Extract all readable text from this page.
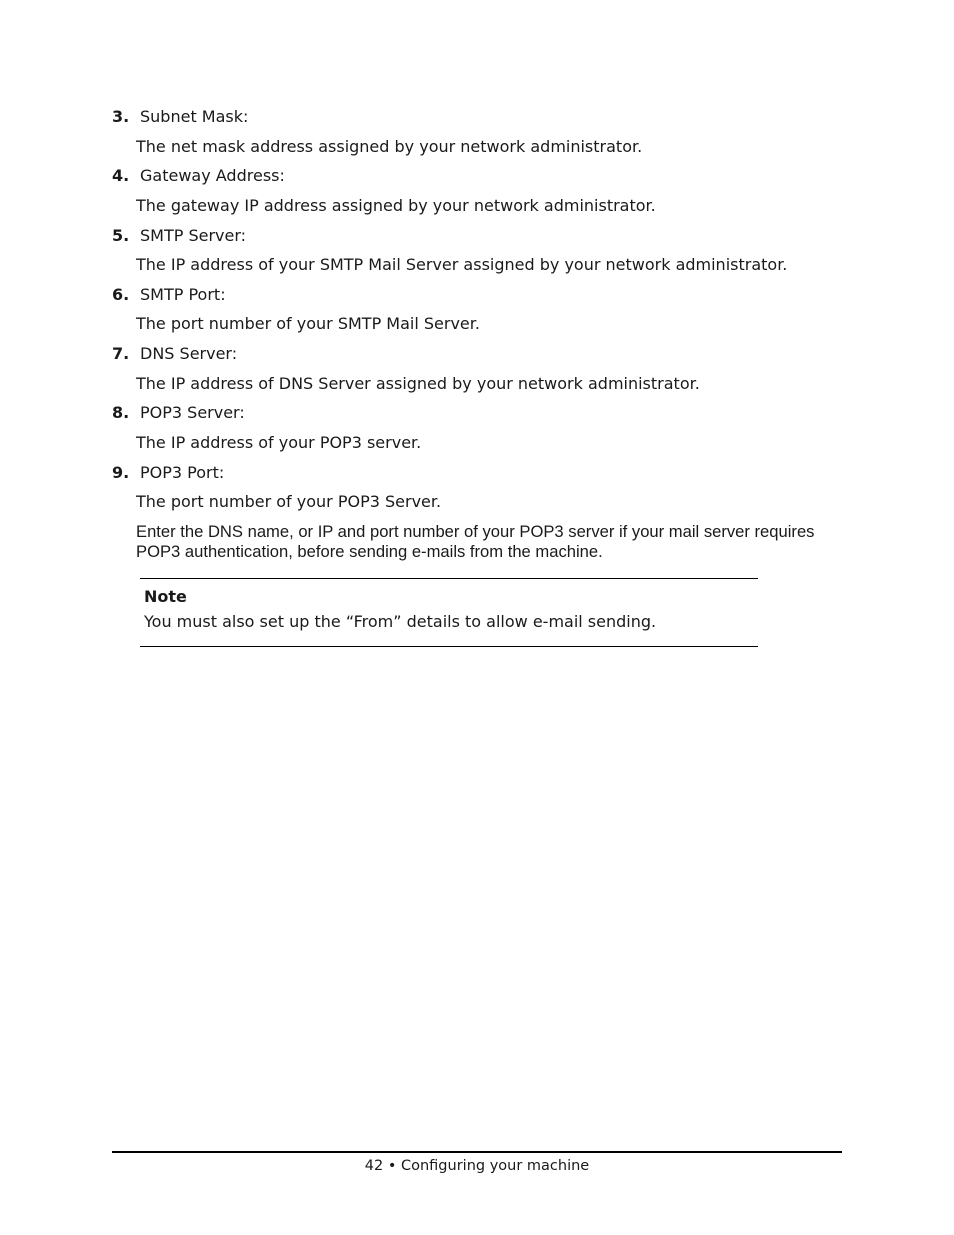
3. Subnet Mask:
The net mask address assigned by your network administrator.
4. Gateway Address:
The gateway IP address assigned by your network administrator.
5. SMTP Server:
The IP address of your SMTP Mail Server assigned by your network administrator.
6. SMTP Port:
The port number of your SMTP Mail Server.
7. DNS Server:
The IP address of DNS Server assigned by your network administrator.
8. POP3 Server:
The IP address of your POP3 server.
9. POP3 Port:
The port number of your POP3 Server.
Enter the DNS name, or IP and port number of your POP3 server if your mail server requires POP3 authentication, before sending e-mails from the machine.
Note
You must also set up the “From” details to allow e-mail sending.
42 • Configuring your machine
